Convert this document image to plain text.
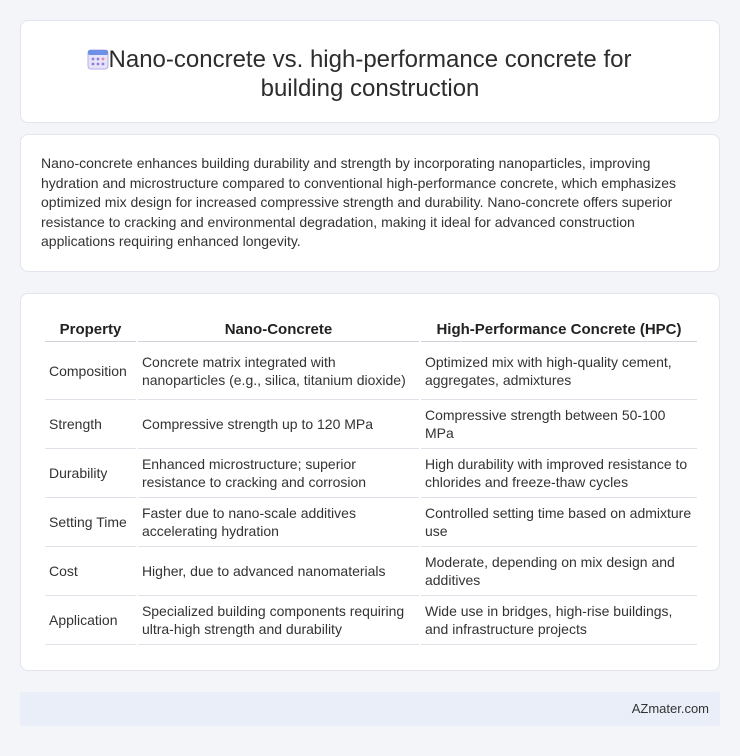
Nano-concrete vs. high-performance concrete for building construction

Nano-concrete enhances building durability and strength by incorporating nanoparticles, improving hydration and microstructure compared to conventional high-performance concrete, which emphasizes optimized mix design for increased compressive strength and durability. Nano-concrete offers superior resistance to cracking and environmental degradation, making it ideal for advanced construction applications requiring enhanced longevity.

Property	Nano-Concrete	High-Performance Concrete (HPC)
Composition	Concrete matrix integrated with nanoparticles (e.g., silica, titanium dioxide)	Optimized mix with high-quality cement, aggregates, admixtures
Strength	Compressive strength up to 120 MPa	Compressive strength between 50-100 MPa
Durability	Enhanced microstructure; superior resistance to cracking and corrosion	High durability with improved resistance to chlorides and freeze-thaw cycles
Setting Time	Faster due to nano-scale additives accelerating hydration	Controlled setting time based on admixture use
Cost	Higher, due to advanced nanomaterials	Moderate, depending on mix design and additives
Application	Specialized building components requiring ultra-high strength and durability	Wide use in bridges, high-rise buildings, and infrastructure projects
AZmater.com
